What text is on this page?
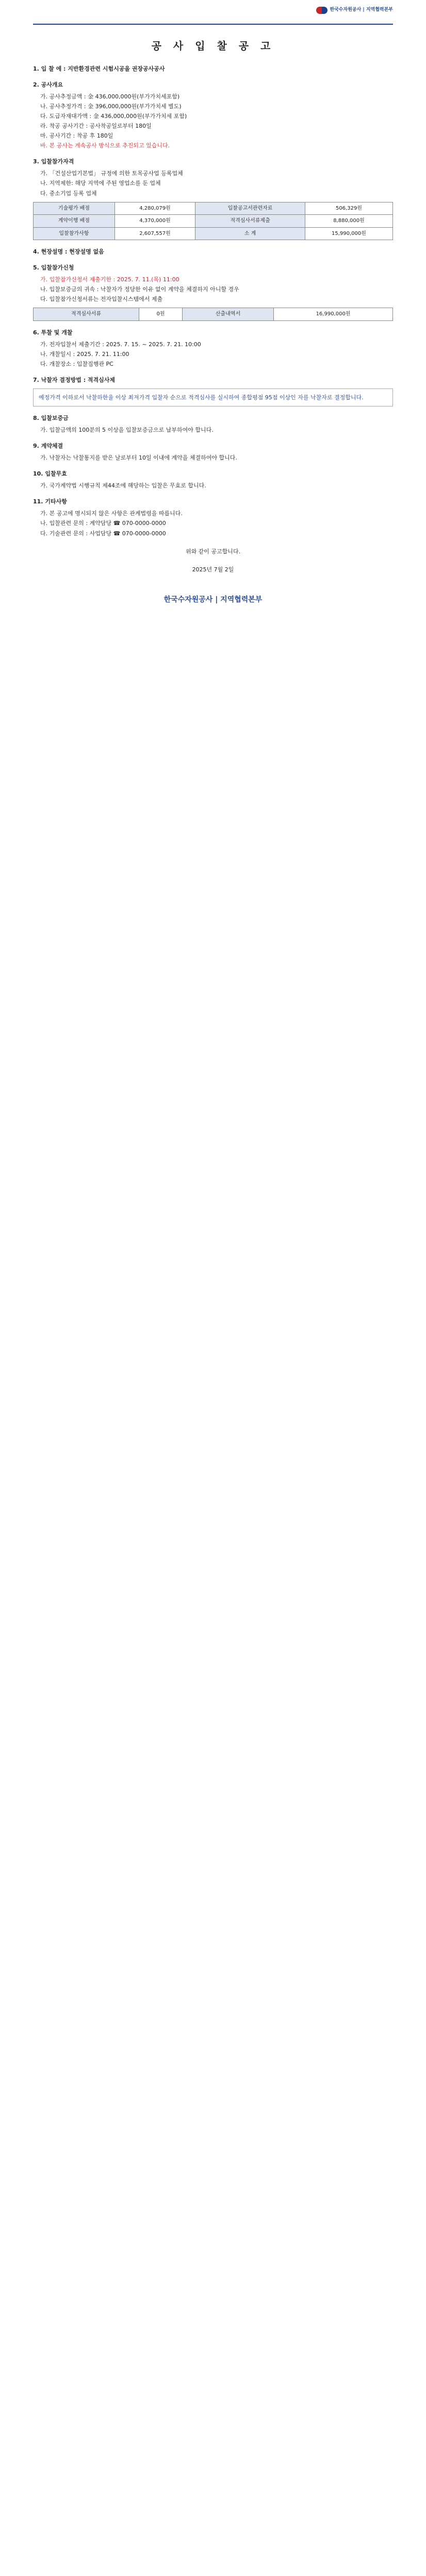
한국수자원공사 | 지역협력본부
공 사 입 찰 공 고
1. 입 찰 에 : 지반환경관련 시험시공을 권장공사공사
2. 공사개요
가. 공사추정금액 : 金 436,000,000원(부가가치세포함)
나. 공사추정가격 : 金 396,000,000원(부가가치세 별도)
다. 도급자재대가액 : 金 436,000,000원(부가가치세 포함)
라. 착공 공사기간 : 공사착공일로부터 180일
마. 공사기간 : 착공 후 180일
바. 본 공사는 계속공사 방식으로 추진되고 있습니다.
3. 입찰참가자격
가. 「건설산업기본법」 규정에 의한 토목공사업 등록업체
나. 지역제한: 해당 지역에 주된 영업소를 둔 업체
다. 중소기업 등록 업체
기술평가 배점	4,280,079원	입찰공고서관련자료	506,329원
계약이행 배점	4,370,000원	적격심사서류제출	8,880,000원
입찰참가사항	2,607,557원	소 계	15,990,000원
4. 현장설명 : 현장설명 없음
5. 입찰참가신청
가. 입찰참가신청서 제출기한 : 2025. 7. 11.(목) 11:00
나. 입찰보증금의 귀속 : 낙찰자가 정당한 이유 없이 계약을 체결하지 아니할 경우
다. 입찰참가신청서류는 전자입찰시스템에서 제출
적격심사서류	0원	산출내역서	16,990,000원
6. 투찰 및 개찰
가. 전자입찰서 제출기간 : 2025. 7. 15. ~ 2025. 7. 21. 10:00
나. 개찰일시 : 2025. 7. 21. 11:00
다. 개찰장소 : 입찰집행관 PC
7. 낙찰자 결정방법 : 적격심사제
예정가격 이하로서 낙찰하한율 이상 최저가격 입찰자 순으로 적격심사를 실시하여 종합평점 95점 이상인 자를 낙찰자로 결정합니다.
8. 입찰보증금
가. 입찰금액의 100분의 5 이상을 입찰보증금으로 납부하여야 합니다.
9. 계약체결
가. 낙찰자는 낙찰통지를 받은 날로부터 10일 이내에 계약을 체결하여야 합니다.
10. 입찰무효
가. 국가계약법 시행규칙 제44조에 해당하는 입찰은 무효로 합니다.
11. 기타사항
가. 본 공고에 명시되지 않은 사항은 관계법령을 따릅니다.
나. 입찰관련 문의 : 계약담당 ☎ 070-0000-0000
다. 기술관련 문의 : 사업담당 ☎ 070-0000-0000
위와 같이 공고합니다.
2025년 7월 2일
한국수자원공사 | 지역협력본부
